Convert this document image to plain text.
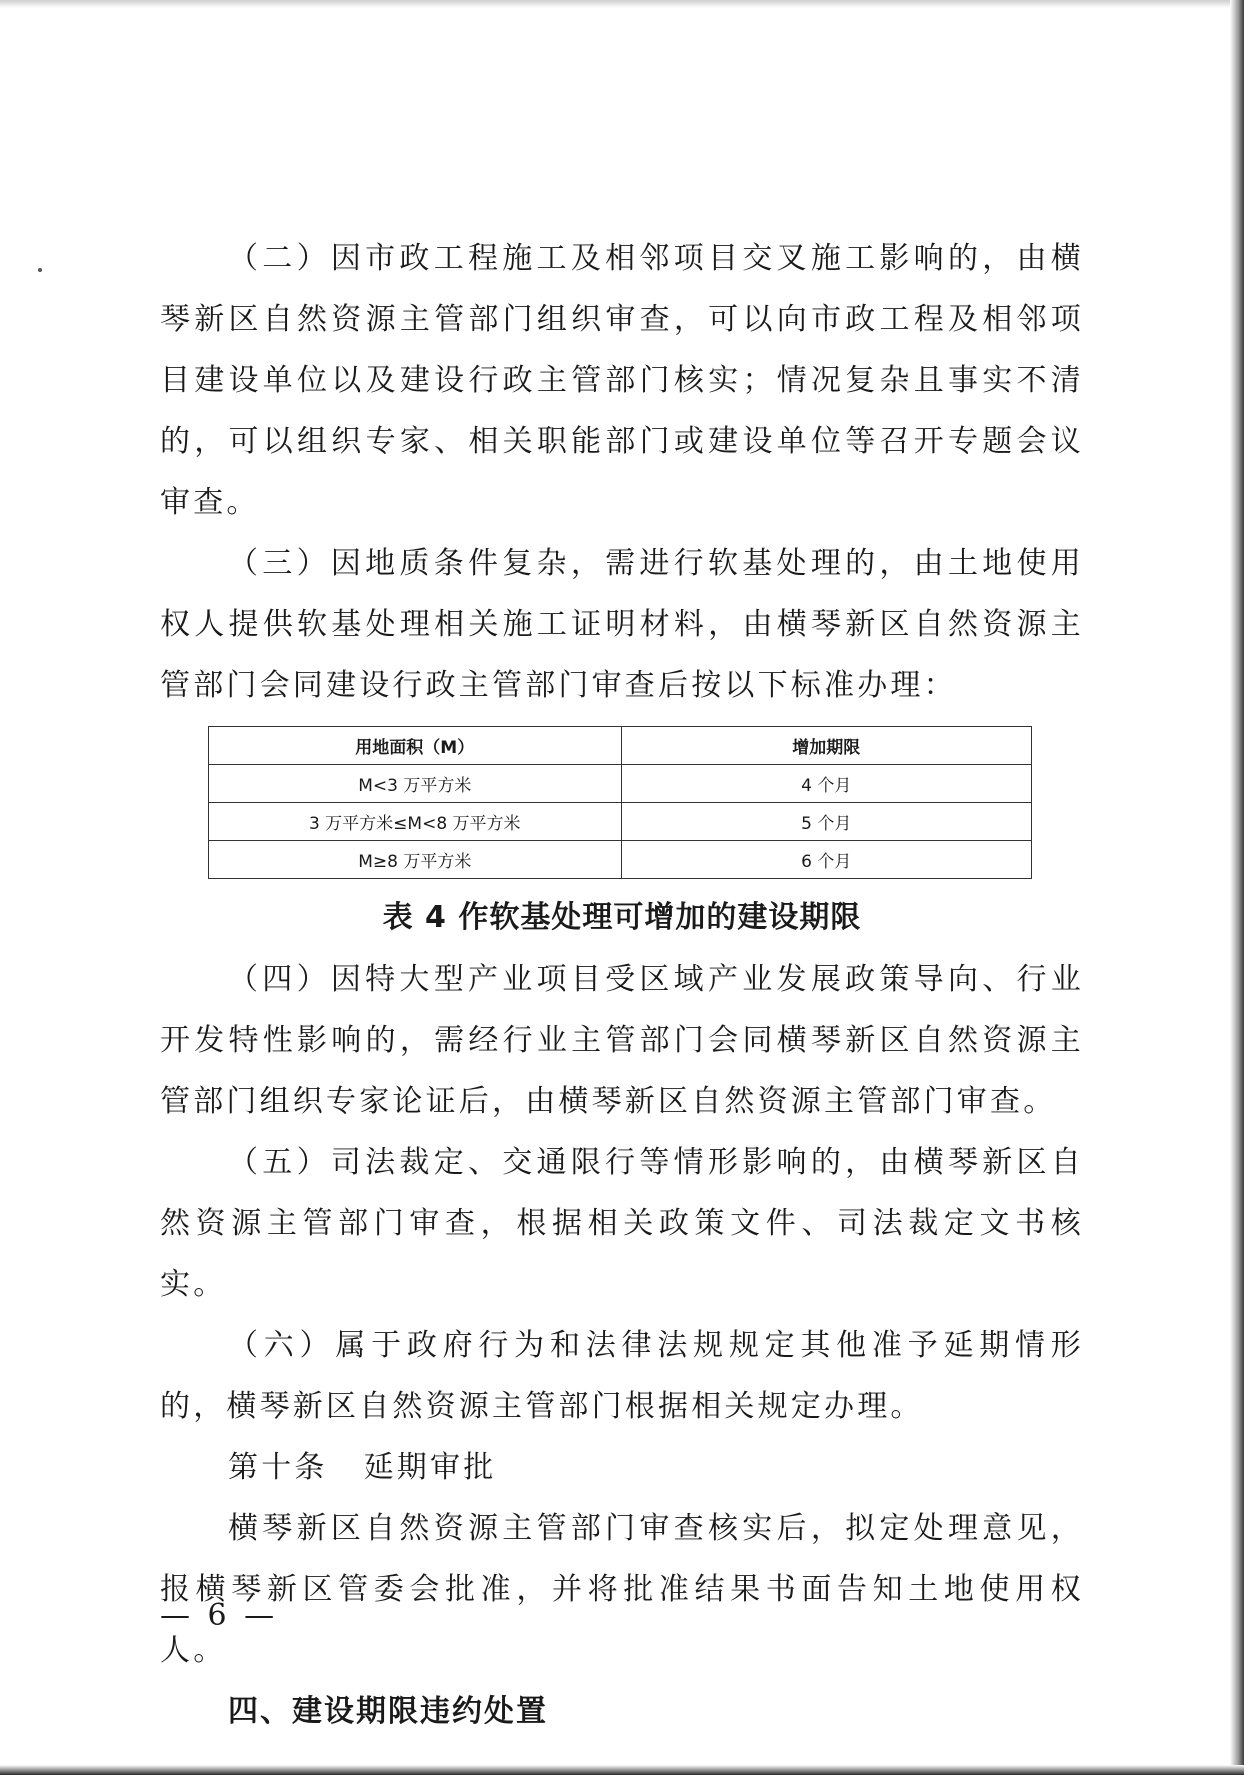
（二）因市政工程施工及相邻项目交叉施工影响的，由横琴新区自然资源主管部门组织审查，可以向市政工程及相邻项目建设单位以及建设行政主管部门核实；情况复杂且事实不清的，可以组织专家、相关职能部门或建设单位等召开专题会议审查。

（三）因地质条件复杂，需进行软基处理的，由土地使用权人提供软基处理相关施工证明材料，由横琴新区自然资源主管部门会同建设行政主管部门审查后按以下标准办理：

用地面积（M）	增加期限
M<3 万平方米	4 个月
3 万平方米≤M<8 万平方米	5 个月
M≥8 万平方米	6 个月
表 4 作软基处理可增加的建设期限

（四）因特大型产业项目受区域产业发展政策导向、行业开发特性影响的，需经行业主管部门会同横琴新区自然资源主管部门组织专家论证后，由横琴新区自然资源主管部门审查。

（五）司法裁定、交通限行等情形影响的，由横琴新区自然资源主管部门审查，根据相关政策文件、司法裁定文书核实。

（六）属于政府行为和法律法规规定其他准予延期情形的，横琴新区自然资源主管部门根据相关规定办理。

第十条 延期审批

横琴新区自然资源主管部门审查核实后，拟定处理意见，报横琴新区管委会批准，并将批准结果书面告知土地使用权人。

四、建设期限违约处置

— 6 —
